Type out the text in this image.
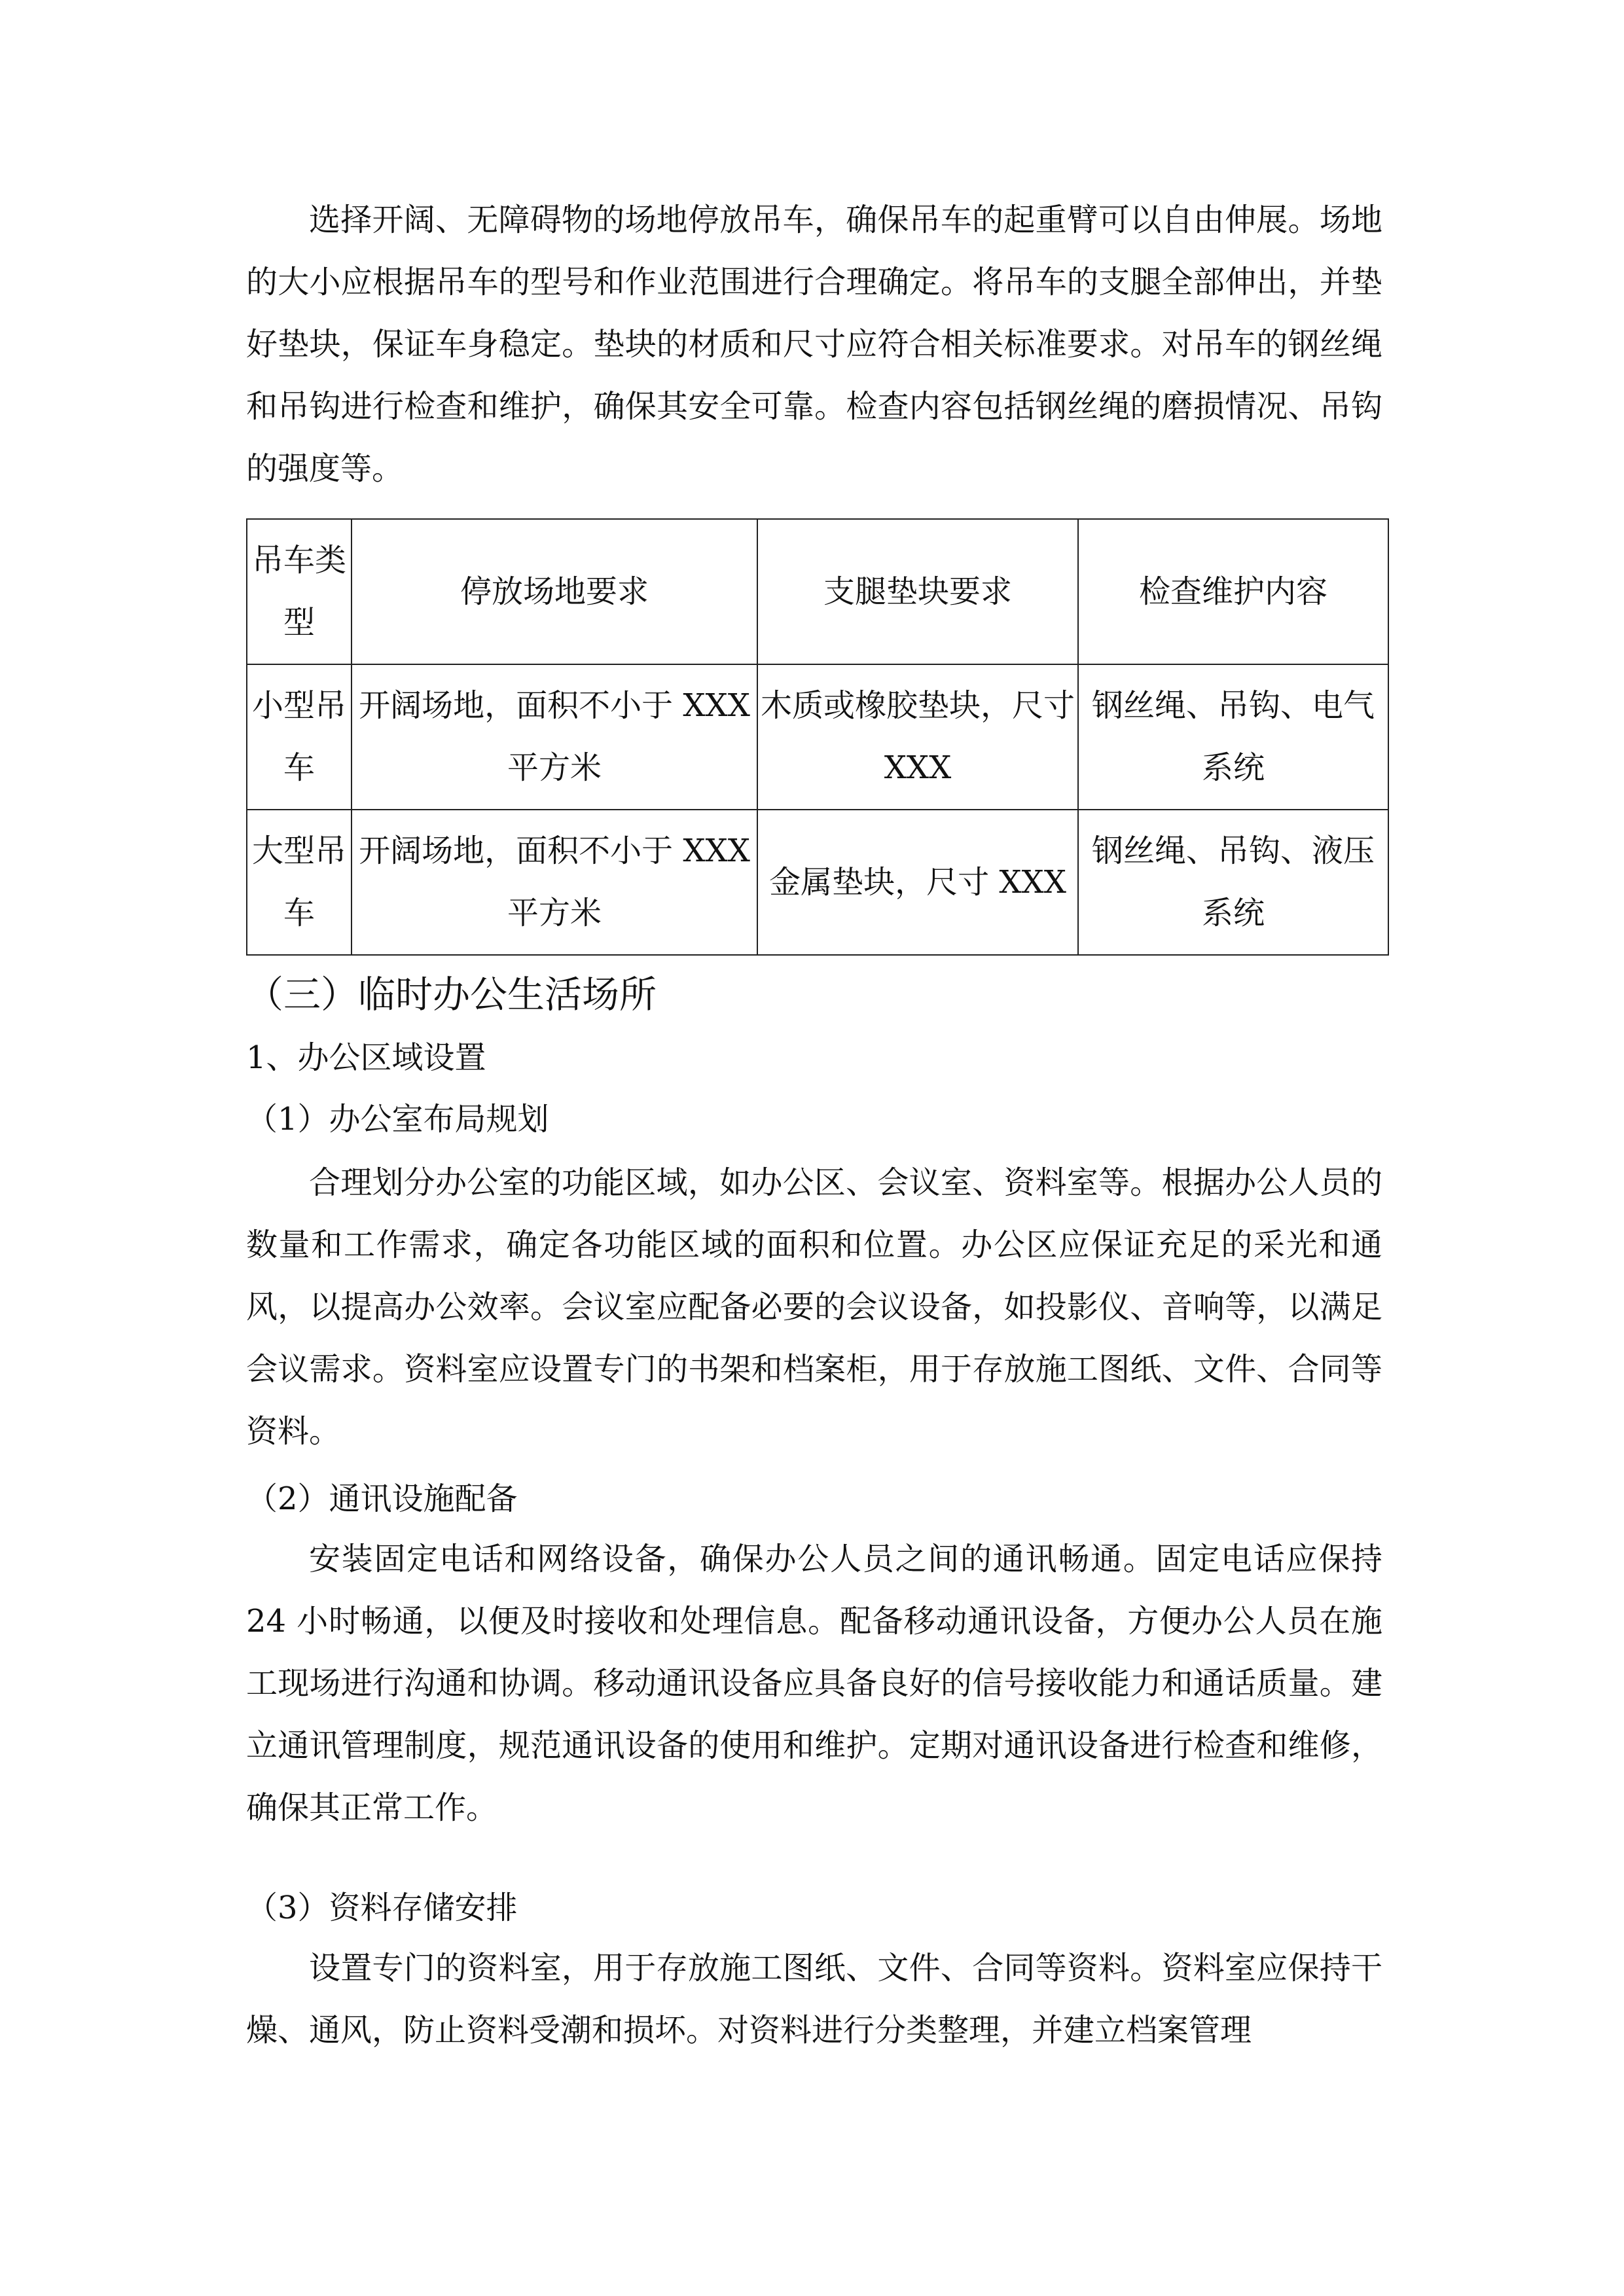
选择开阔、无障碍物的场地停放吊车，确保吊车的起重臂可以自由伸展。场地的大小应根据吊车的型号和作业范围进行合理确定。将吊车的支腿全部伸出，并垫好垫块，保证车身稳定。垫块的材质和尺寸应符合相关标准要求。对吊车的钢丝绳和吊钩进行检查和维护，确保其安全可靠。检查内容包括钢丝绳的磨损情况、吊钩的强度等。

吊车类型	停放场地要求	支腿垫块要求	检查维护内容
小型吊车	开阔场地，面积不小于 XXX 平方米	木质或橡胶垫块，尺寸 XXX	钢丝绳、吊钩、电气系统
大型吊车	开阔场地，面积不小于 XXX 平方米	金属垫块，尺寸 XXX	钢丝绳、吊钩、液压系统
（三）临时办公生活场所
1、办公区域设置
（1）办公室布局规划

合理划分办公室的功能区域，如办公区、会议室、资料室等。根据办公人员的数量和工作需求，确定各功能区域的面积和位置。办公区应保证充足的采光和通风，以提高办公效率。会议室应配备必要的会议设备，如投影仪、音响等，以满足会议需求。资料室应设置专门的书架和档案柜，用于存放施工图纸、文件、合同等资料。

（2）通讯设施配备

安装固定电话和网络设备，确保办公人员之间的通讯畅通。固定电话应保持 24 小时畅通，以便及时接收和处理信息。配备移动通讯设备，方便办公人员在施工现场进行沟通和协调。移动通讯设备应具备良好的信号接收能力和通话质量。建立通讯管理制度，规范通讯设备的使用和维护。定期对通讯设备进行检查和维修，确保其正常工作。

（3）资料存储安排

设置专门的资料室，用于存放施工图纸、文件、合同等资料。资料室应保持干燥、通风，防止资料受潮和损坏。对资料进行分类整理，并建立档案管理
